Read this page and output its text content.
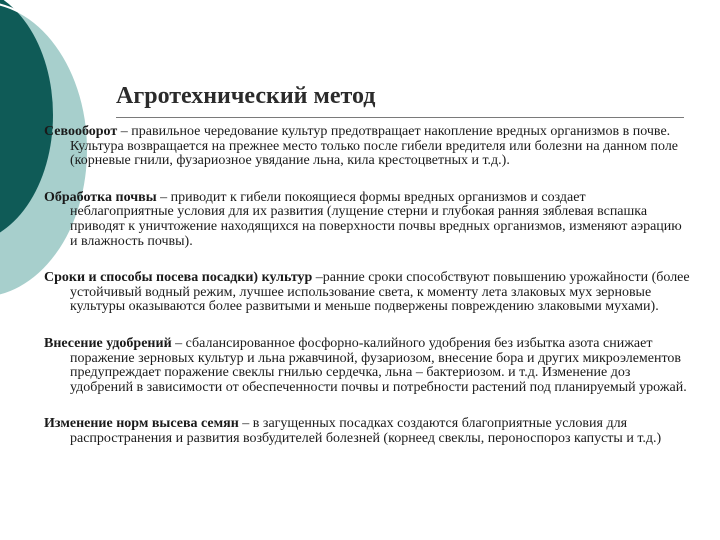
Агротехнический метод

Севооборот – правильное чередование культур предотвращает накопление вредных организмов в почве. Культура возвращается на прежнее место только после гибели вредителя или болезни на данном поле (корневые гнили, фузариозное увядание льна, кила крестоцветных и т.д.).

Обработка почвы – приводит к гибели покоящиеся формы вредных организмов и создает неблагоприятные условия для их развития (лущение стерни и глубокая ранняя зяблевая вспашка приводят к уничтожение находящихся на поверхности почвы вредных организмов, изменяют аэрацию и влажность почвы).

Сроки и способы посева посадки) культур –ранние сроки способствуют повышению урожайности (более устойчивый водный режим, лучшее использование света, к моменту лета злаковых мух зерновые культуры оказываются более развитыми и меньше подвержены повреждению злаковыми мухами).

Внесение удобрений – сбалансированное фосфорно-калийного удобрения без избытка азота снижает поражение зерновых культур и льна ржавчиной, фузариозом, внесение бора и других микроэлементов предупреждает поражение свеклы гнилью сердечка, льна – бактериозом. и т.д. Изменение доз удобрений в зависимости от обеспеченности почвы и потребности растений под планируемый урожай.

Изменение норм высева семян – в загущенных посадках создаются благоприятные условия для распространения и развития возбудителей болезней (корнеед свеклы, пероноспороз капусты и т.д.)
